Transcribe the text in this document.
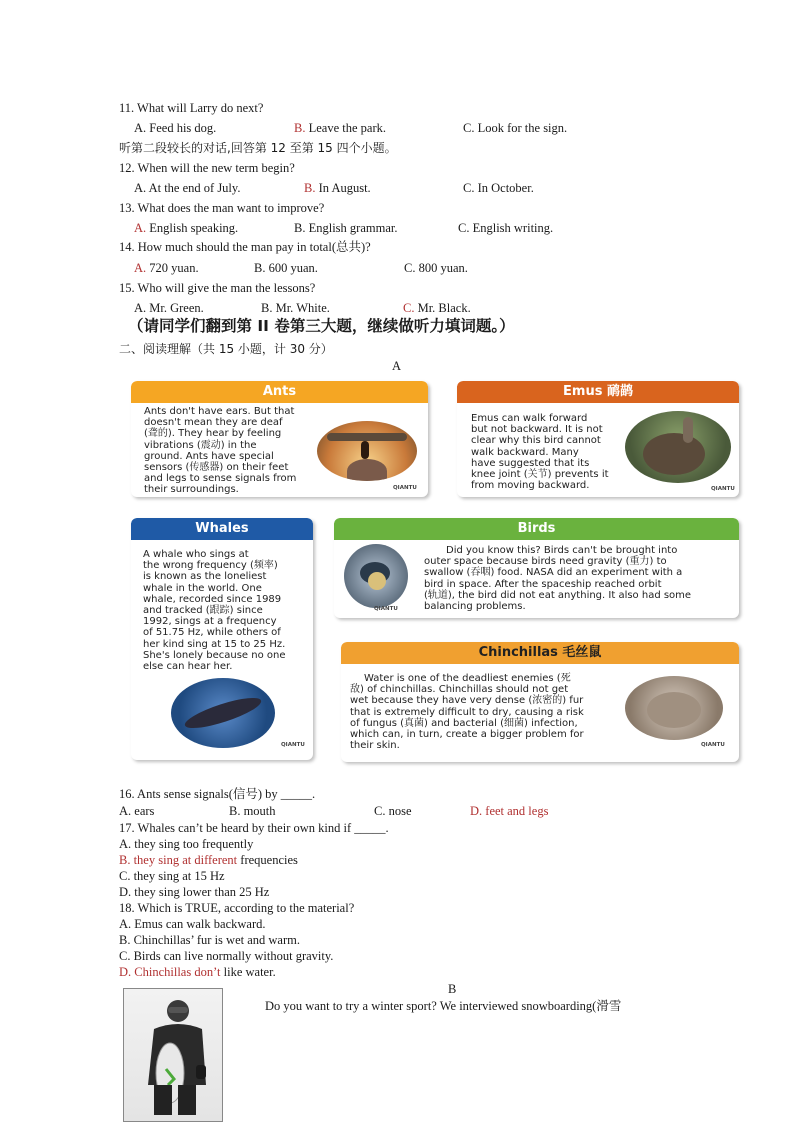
11. What will Larry do next?
A. Feed his dog.	B. Leave the park.	C. Look for the sign.
听第二段较长的对话,回答第 12 至第 15 四个小题。
12. When will the new term begin?
A. At the end of July.	B. In August.	C. In October.
13. What does the man want to improve?
A. English speaking.	B. English grammar.	C. English writing.
14. How much should the man pay in total(总共)?
A. 720 yuan.	B. 600 yuan.	C. 800 yuan.
15. Who will give the man the lessons?
A. Mr. Green.	B. Mr. White.	C. Mr. Black.
（请同学们翻到第 II 卷第三大题，继续做听力填词题。）
二、阅读理解（共 15 小题，计 30 分）
A
Ants
Ants don't have ears. But that
doesn't mean they are deaf
(聋的). They hear by feeling
vibrations (震动) in the
ground. Ants have special
sensors (传感器) on their feet
and legs to sense signals from
their surroundings.	QIANTU
Emus 鸸鹋
Emus can walk forward
but not backward. It is not
clear why this bird cannot
walk backward. Many
have suggested that its
knee joint (关节) prevents it
from moving backward.	QIANTU
Whales
A whale who sings at
the wrong frequency (频率)
is known as the loneliest
whale in the world. One
whale, recorded since 1989
and tracked (跟踪) since
1992, sings at a frequency
of 51.75 Hz, while others of
her kind sing at 15 to 25 Hz.
She's lonely because no one
else can hear her.
QIANTU
Birds
QIANTU
Did you know this? Birds can't be brought into
outer space because birds need gravity (重力) to
swallow (吞咽) food. NASA did an experiment with a
bird in space. After the spaceship reached orbit
(轨道), the bird did not eat anything. It also had some
balancing problems.
Chinchillas 毛丝鼠
Water is one of the deadliest enemies (死
敌) of chinchillas. Chinchillas should not get
wet because they have very dense (浓密的) fur
that is extremely difficult to dry, causing a risk
of fungus (真菌) and bacterial (细菌) infection,
which can, in turn, create a bigger problem for
their skin.	QIANTU
16. Ants sense signals(信号) by _____.
A. ears	B. mouth	C. nose	D. feet and legs
17. Whales can’t be heard by their own kind if _____.
A. they sing too frequently
B. they sing at different frequencies
C. they sing at 15 Hz
D. they sing lower than 25 Hz
18. Which is TRUE, according to the material?
A. Emus can walk backward.
B. Chinchillas’ fur is wet and warm.
C. Birds can live normally without gravity.
D. Chinchillas don’t like water.
B
Do you want to try a winter sport? We interviewed snowboarding(滑雪
